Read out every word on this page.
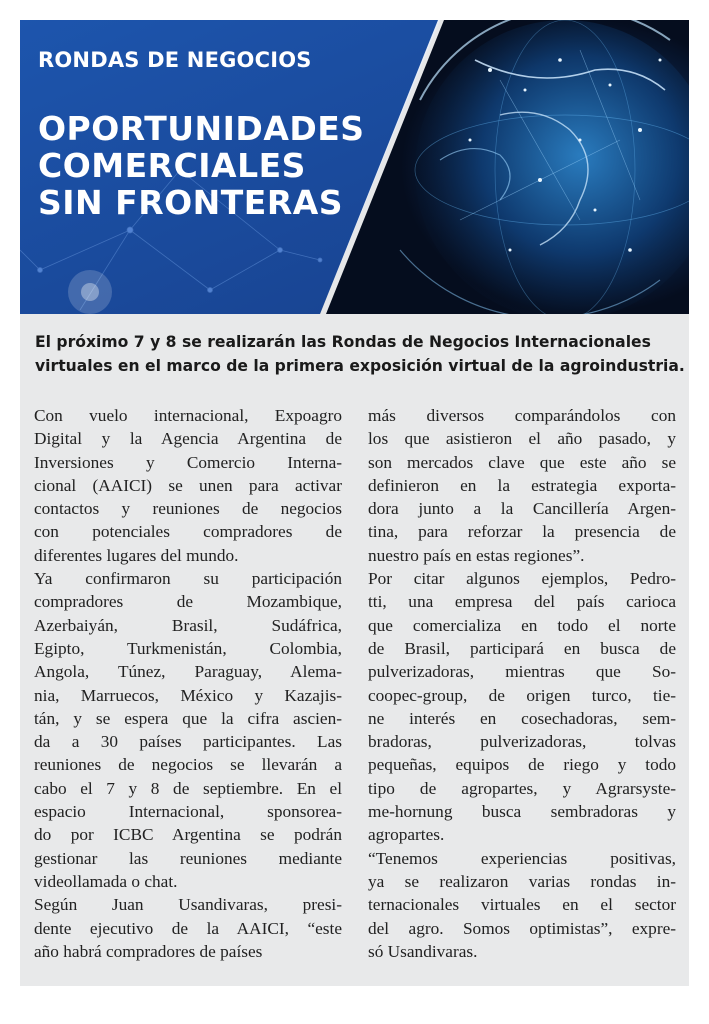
RONDAS DE NEGOCIOS
OPORTUNIDADES
COMERCIALES
SIN FRONTERAS
El próximo 7 y 8 se realizarán las Rondas de Negocios Internacionales
virtuales en el marco de la primera exposición virtual de la agroindustria.
Con vuelo internacional, Expoagro
Digital y la Agencia Argentina de
Inversiones y Comercio Interna-
cional (AAICI) se unen para activar
contactos y reuniones de negocios
con potenciales compradores de
diferentes lugares del mundo.
Ya confirmaron su participación
compradores de Mozambique,
Azerbaiyán, Brasil, Sudáfrica,
Egipto, Turkmenistán, Colombia,
Angola, Túnez, Paraguay, Alema-
nia, Marruecos, México y Kazajis-
tán, y se espera que la cifra ascien-
da a 30 países participantes. Las
reuniones de negocios se llevarán a
cabo el 7 y 8 de septiembre. En el
espacio Internacional, sponsorea-
do por ICBC Argentina se podrán
gestionar las reuniones mediante
videollamada o chat.
Según Juan Usandivaras, presi-
dente ejecutivo de la AAICI, “este
año habrá compradores de países
más diversos comparándolos con
los que asistieron el año pasado, y
son mercados clave que este año se
definieron en la estrategia exporta-
dora junto a la Cancillería Argen-
tina, para reforzar la presencia de
nuestro país en estas regiones”.
Por citar algunos ejemplos, Pedro-
tti, una empresa del país carioca
que comercializa en todo el norte
de Brasil, participará en busca de
pulverizadoras, mientras que So-
coopec-group, de origen turco, tie-
ne interés en cosechadoras, sem-
bradoras, pulverizadoras, tolvas
pequeñas, equipos de riego y todo
tipo de agropartes, y Agrarsyste-
me-hornung busca sembradoras y
agropartes.
“Tenemos experiencias positivas,
ya se realizaron varias rondas in-
ternacionales virtuales en el sector
del agro. Somos optimistas”, expre-
só Usandivaras.
